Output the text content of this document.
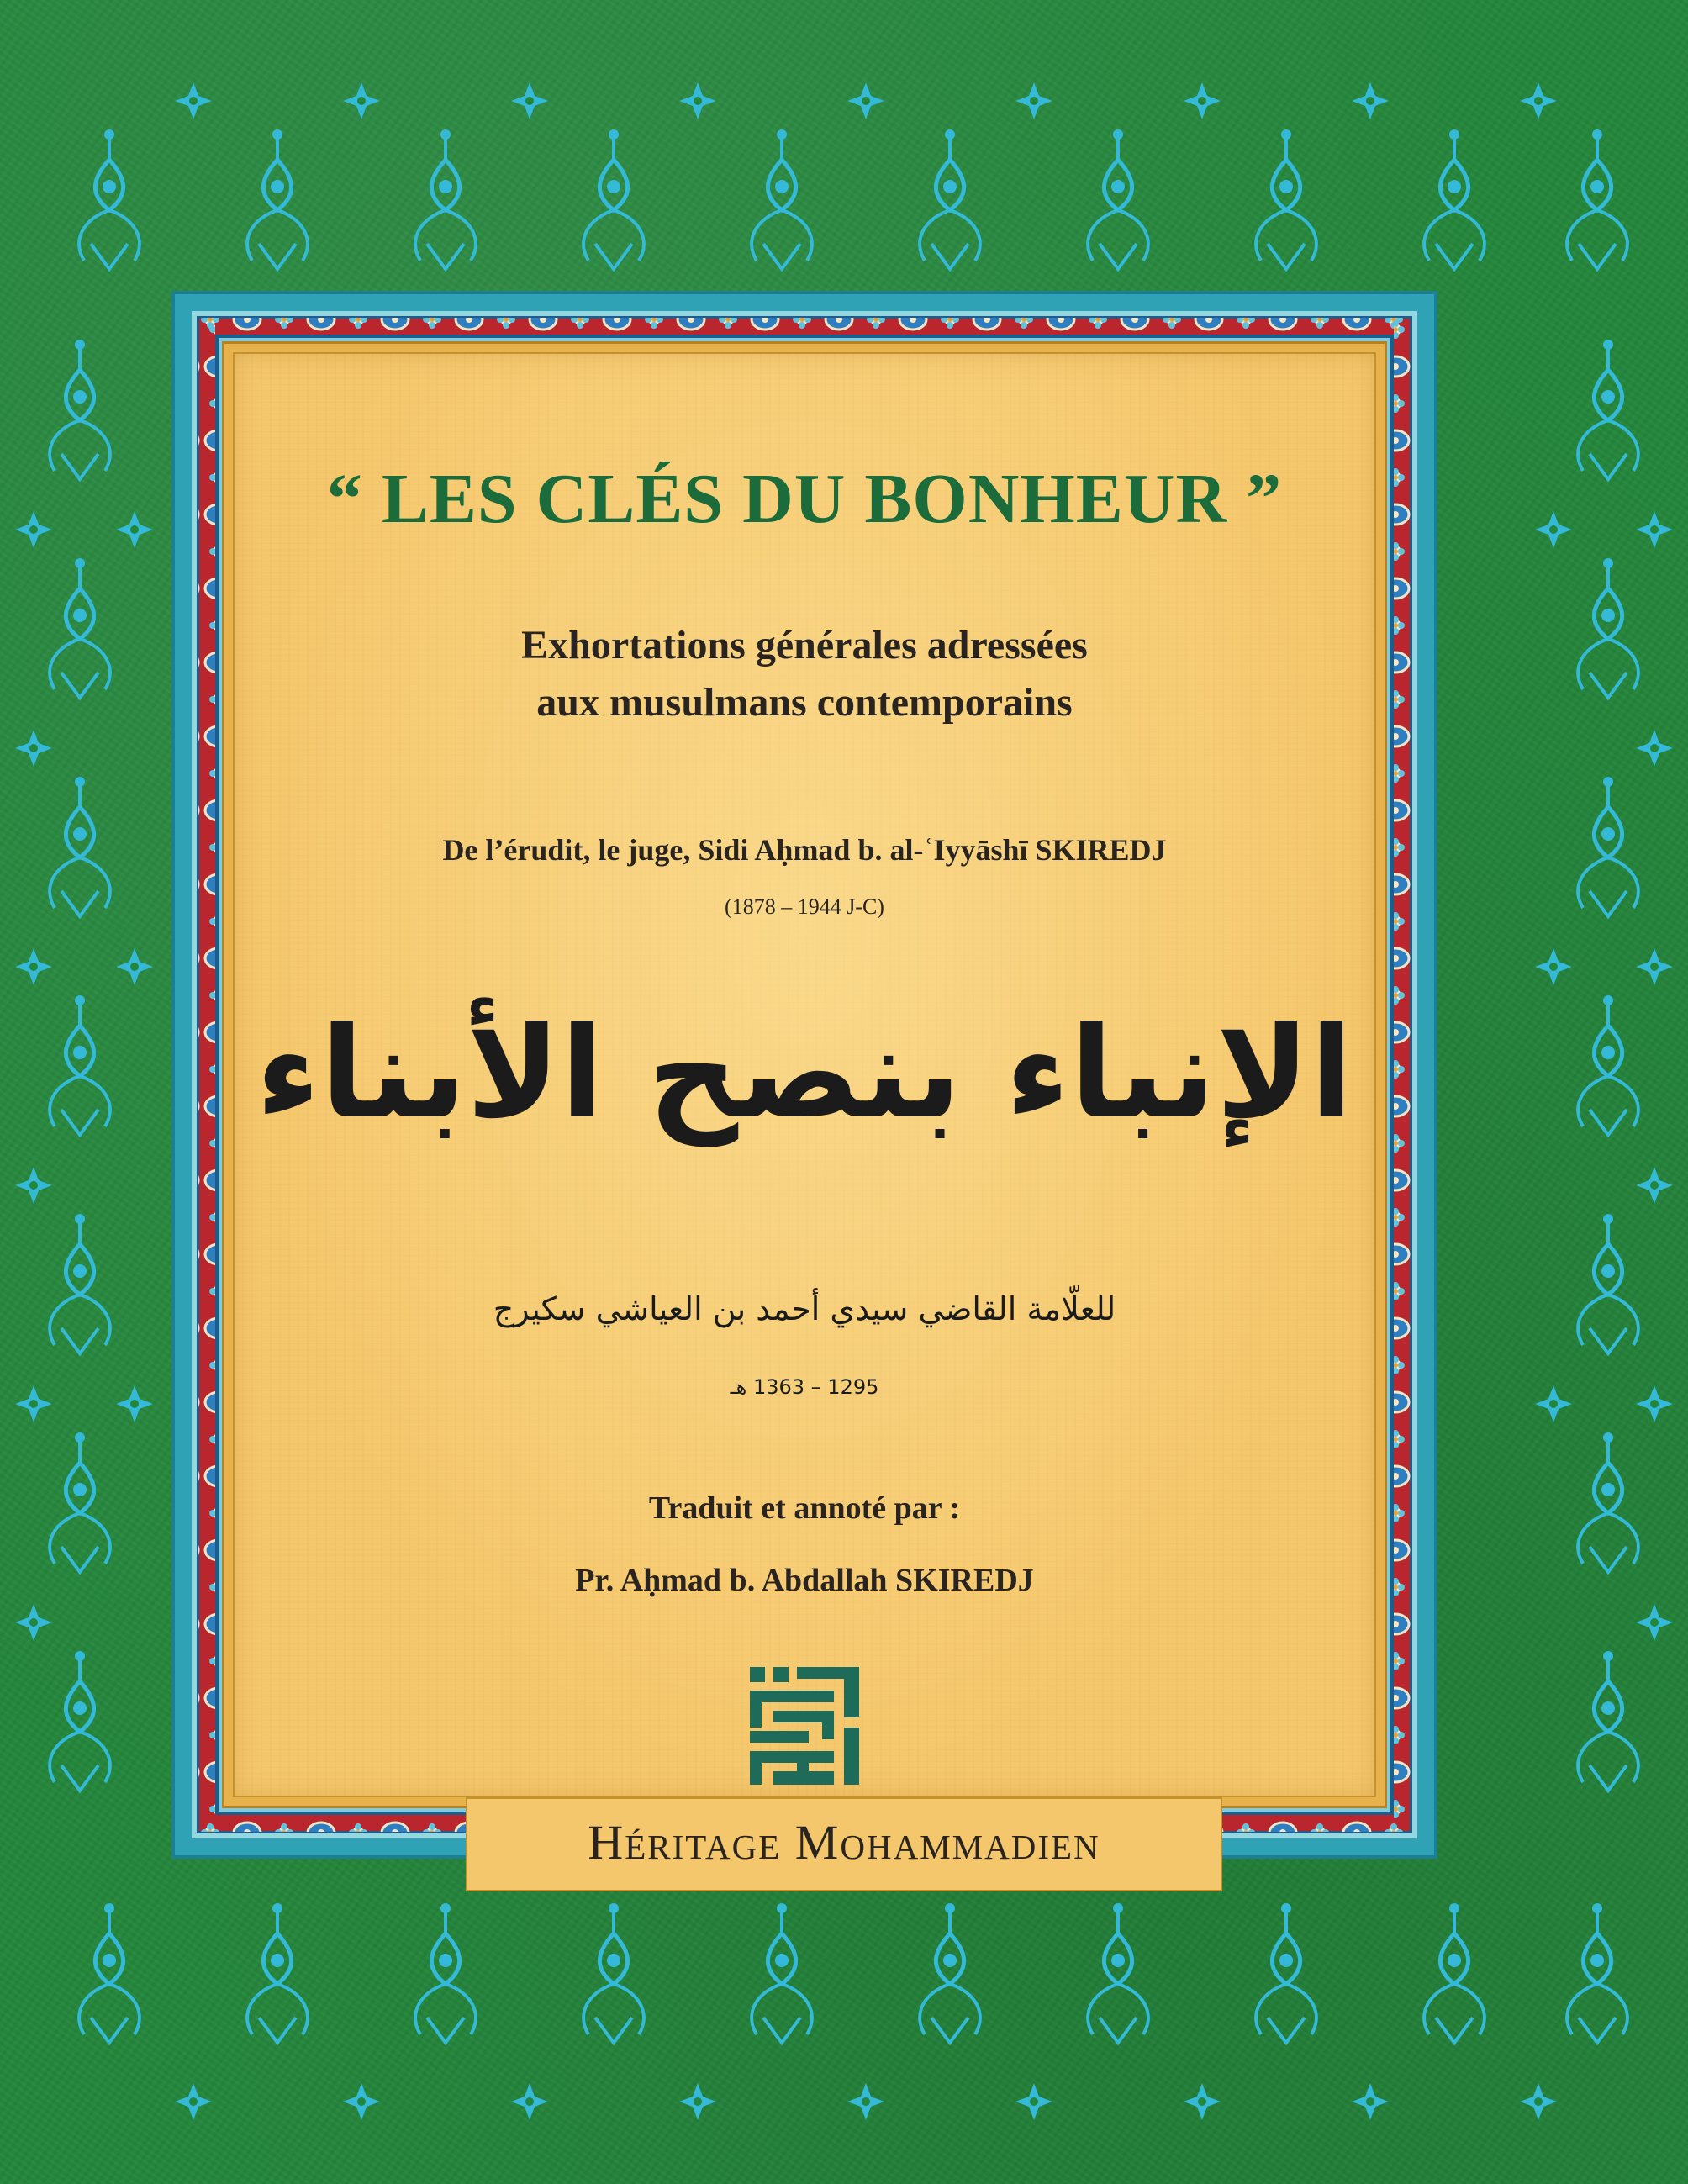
“ LES CLÉS DU BONHEUR ”
Exhortations générales adressées
aux musulmans contemporains
De l’érudit, le juge, Sidi Aḥmad b. al-ʿIyyāshī SKIREDJ
(1878 – 1944 J-C)
الإنباء بنصح الأبناء
للعلّامة القاضي سيدي أحمد بن العياشي سكيرج
1295 – 1363 هـ
Traduit et annoté par :
Pr. Aḥmad b. Abdallah SKIREDJ
Héritage Mohammadien
